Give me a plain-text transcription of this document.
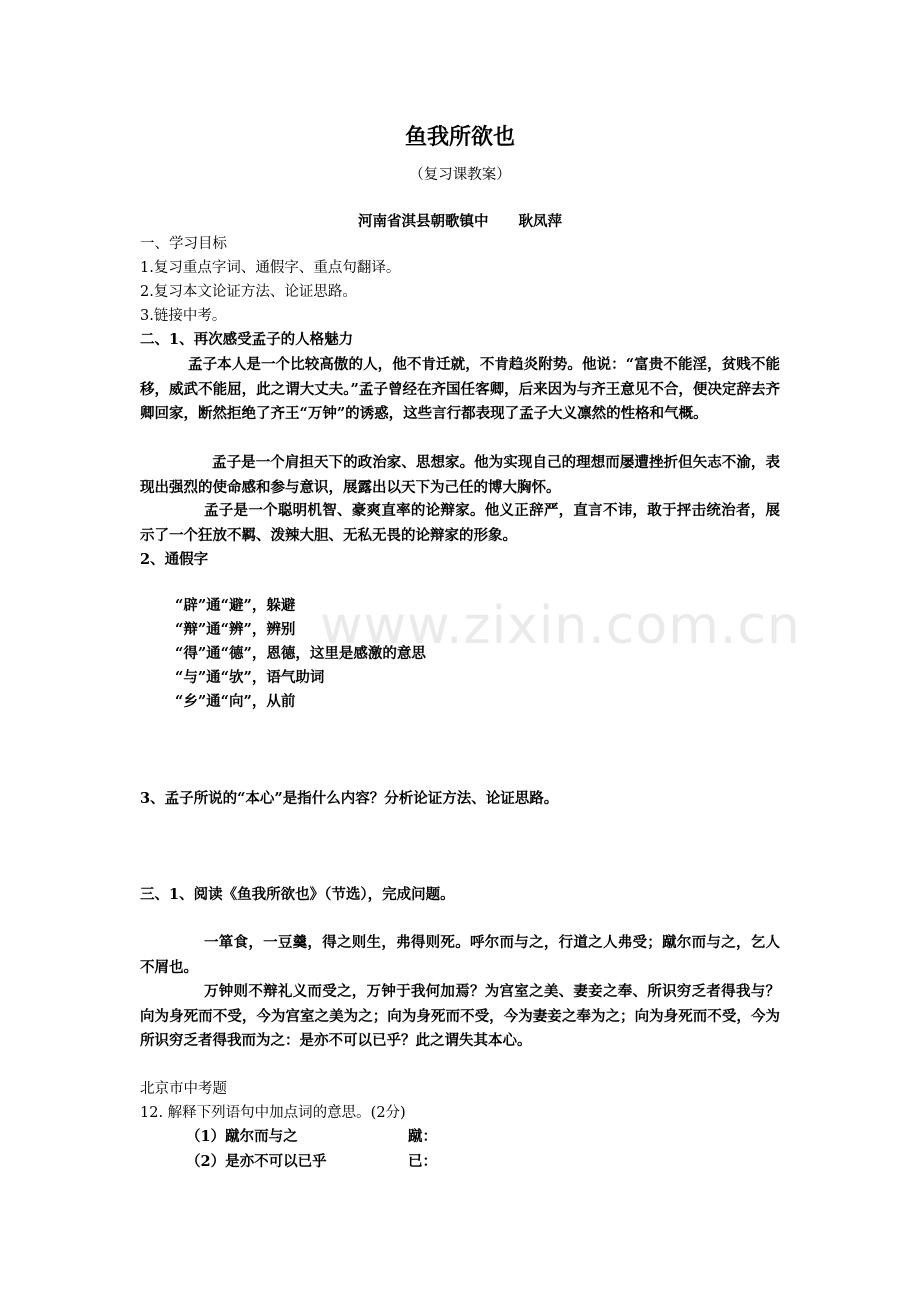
鱼我所欲也
（复习课教案）
河南省淇县朝歌镇中 耿凤萍
一、学习目标
1.复习重点字词、通假字、重点句翻译。
2.复习本文论证方法、论证思路。
3.链接中考。
二、1、再次感受孟子的人格魅力
孟子本人是一个比较高傲的人，他不肯迁就，不肯趋炎附势。他说：“富贵不能淫，贫贱不能移，威武不能屈，此之谓大丈夫。”孟子曾经在齐国任客卿，后来因为与齐王意见不合，便决定辞去齐卿回家，断然拒绝了齐王“万钟”的诱惑，这些言行都表现了孟子大义凛然的性格和气概。
孟子是一个肩担天下的政治家、思想家。他为实现自己的理想而屡遭挫折但矢志不渝，表现出强烈的使命感和参与意识，展露出以天下为己任的博大胸怀。
孟子是一个聪明机智、豪爽直率的论辩家。他义正辞严，直言不讳，敢于抨击统治者，展示了一个狂放不羁、泼辣大胆、无私无畏的论辩家的形象。
2、通假字
“辟”通“避”，躲避
“辩”通“辨”，辨别
“得”通“德”，恩德，这里是感激的意思
“与”通“欤”，语气助词
“乡”通“向”，从前
3、孟子所说的“本心”是指什么内容？分析论证方法、论证思路。
三、1、阅读《鱼我所欲也》（节选），完成问题。
一箪食，一豆羹，得之则生，弗得则死。呼尔而与之，行道之人弗受；蹴尔而与之，乞人不屑也。
万钟则不辩礼义而受之，万钟于我何加焉？为宫室之美、妻妾之奉、所识穷乏者得我与？向为身死而不受，今为宫室之美为之；向为身死而不受，今为妻妾之奉为之；向为身死而不受，今为所识穷乏者得我而为之：是亦不可以已乎？此之谓失其本心。
北京市中考题
12. 解释下列语句中加点词的意思。(2分)
（1）蹴尔而与之	蹴：
（2）是亦不可以已乎	已：
www.zixin.com.cn
